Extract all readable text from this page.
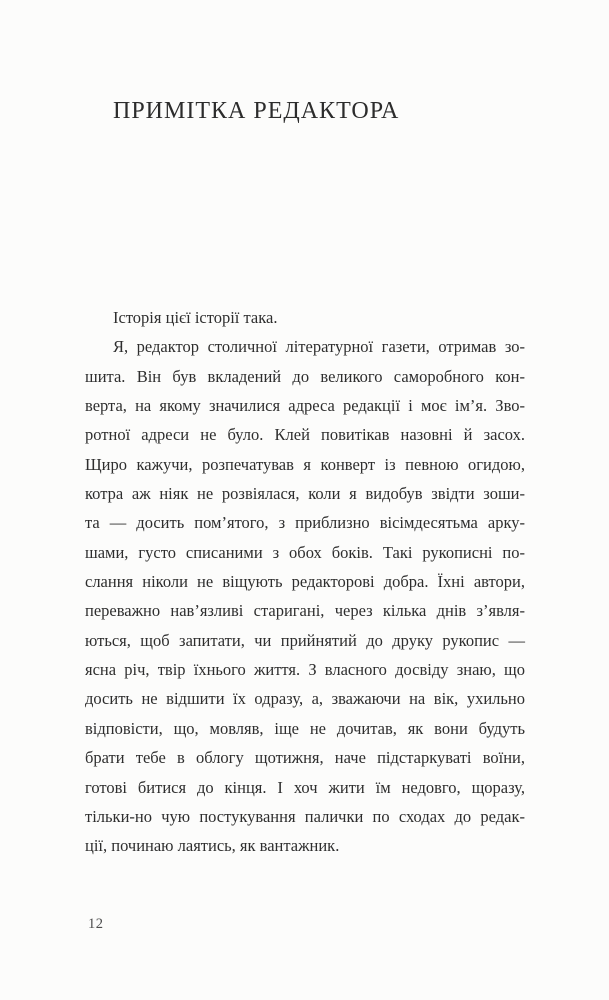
ПРИМІТКА РЕДАКТОРА
Історія цієї історії така.
Я, редактор столичної літературної газети, отримав зо-
шита. Він був вкладений до великого саморобного кон-
верта, на якому значилися адреса редакції і моє ім’я. Зво-
ротної адреси не було. Клей повитікав назовні й засох.
Щиро кажучи, розпечатував я конверт із певною огидою,
котра аж ніяк не розвіялася, коли я видобув звідти зоши-
та — досить пом’ятого, з приблизно вісімдесятьма арку-
шами, густо списаними з обох боків. Такі рукописні по-
слання ніколи не віщують редакторові добра. Їхні автори,
переважно нав’язливі старигані, через кілька днів з’явля-
ються, щоб запитати, чи прийнятий до друку рукопис —
ясна річ, твір їхнього життя. З власного досвіду знаю, що
досить не відшити їх одразу, а, зважаючи на вік, ухильно
відповісти, що, мовляв, іще не дочитав, як вони будуть
брати тебе в облогу щотижня, наче підстаркуваті воїни,
готові битися до кінця. І хоч жити їм недовго, щоразу,
тільки-но чую постукування палички по сходах до редак-
ції, починаю лаятись, як вантажник.
12
